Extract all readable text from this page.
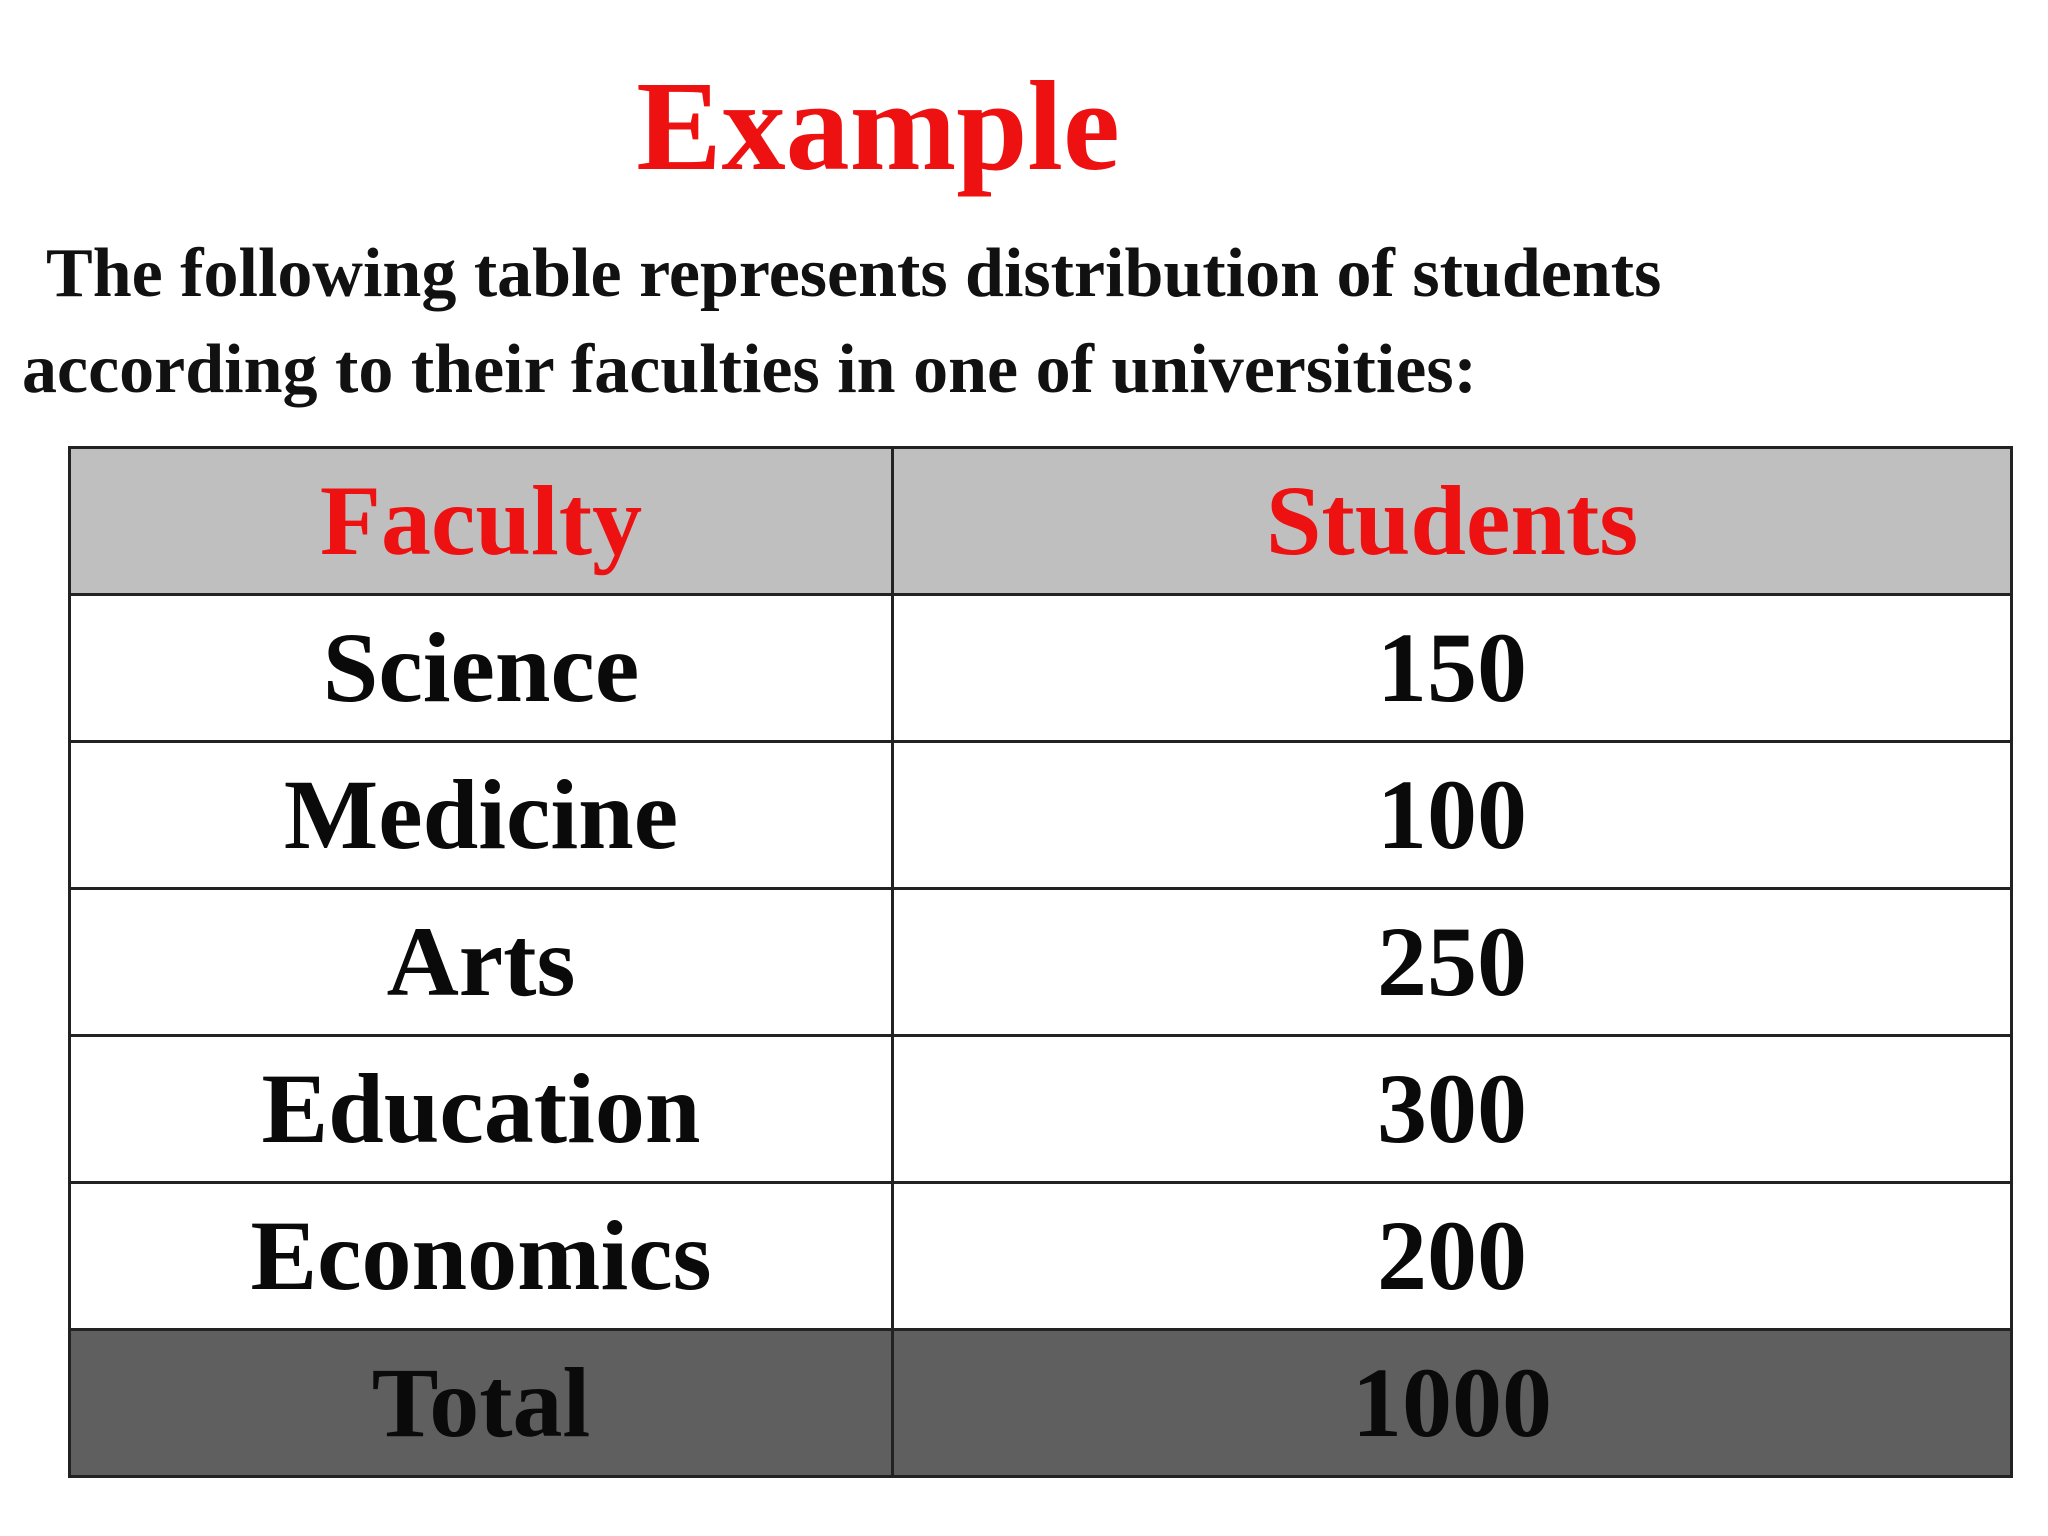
Example
The following table represents distribution of students
according to their faculties in one of universities:
Faculty	Students
Science	150
Medicine	100
Arts	250
Education	300
Economics	200
Total	1000
